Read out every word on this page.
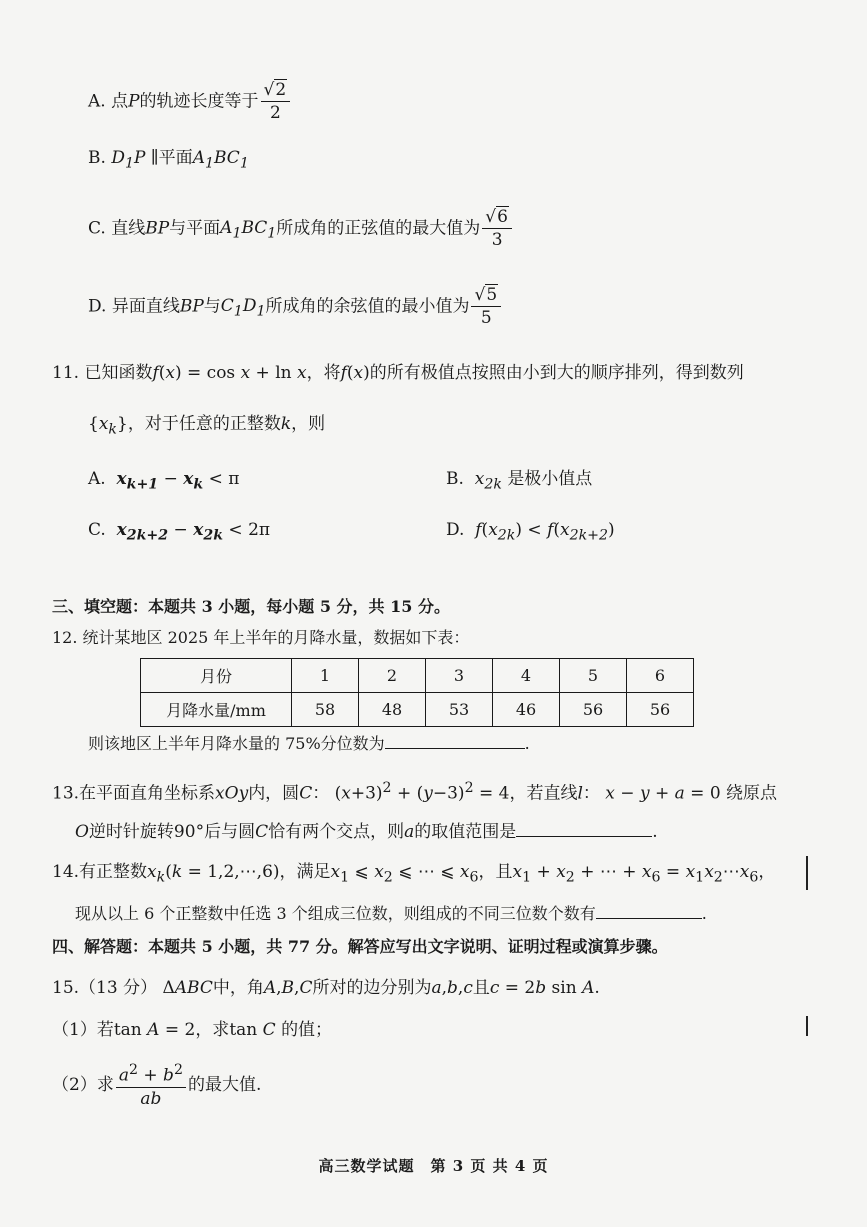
A. 点P的轨迹长度等于 $\frac{√2}{2}$
B. $D_1P$ ∥平面$A_1BC_1$
C. 直线BP与平面$A_1BC_1$所成角的正弦值的最大值为 $\frac{√6}{3}$
D. 异面直线BP与$C_1D_1$所成角的余弦值的最小值为 $\frac{√5}{5}$
11. 已知函数f(x) = cos x + ln x，将f(x)的所有极值点按照由小到大的顺序排列，得到数列
$\{x_k\}$，对于任意的正整数k，则
A. $x_{k+1} - x_k < \pi$	B. $x_{2k}$ 是极小值点
C. $x_{2k+2} - x_{2k} < 2\pi$	D. $f(x_{2k}) < f(x_{2k+2})$
三、填空题：本题共 3 小题，每小题 5 分，共 15 分。
12. 统计某地区 2025 年上半年的月降水量，数据如下表：
月份	1	2	3	4	5	6
月降水量/mm	58	48	53	46	56	56
则该地区上半年月降水量的 75%分位数为	.
13.在平面直角坐标系xOy内，圆C： $(x+3)^2 + (y-3)^2 = 4$，若直线l： x − y + a = 0 绕原点
O逆时针旋转90°后与圆C恰有两个交点，则a的取值范围是	.
14.有正整数$x_k(k$ = 1,2,⋯,6)，满足$x_1$ ⩽ $x_2$ ⩽ ⋯ ⩽ $x_6$，且$x_1 + x_2$ + ⋯ + $x_6$ = $x_1x_2\cdots x_6$，
现从以上 6 个正整数中任选 3 个组成三位数，则组成的不同三位数个数有	.
四、解答题：本题共 5 小题，共 77 分。解答应写出文字说明、证明过程或演算步骤。
15.（13 分） ΔABC中，角A,B,C所对的边分别为a,b,c且c = 2b sin A.
（1）若tan A = 2，求tan C 的值；
（2）求 $\frac{a^2 + b^2}{ab}$ 的最大值.
高三数学试题　第 3 页 共 4 页
